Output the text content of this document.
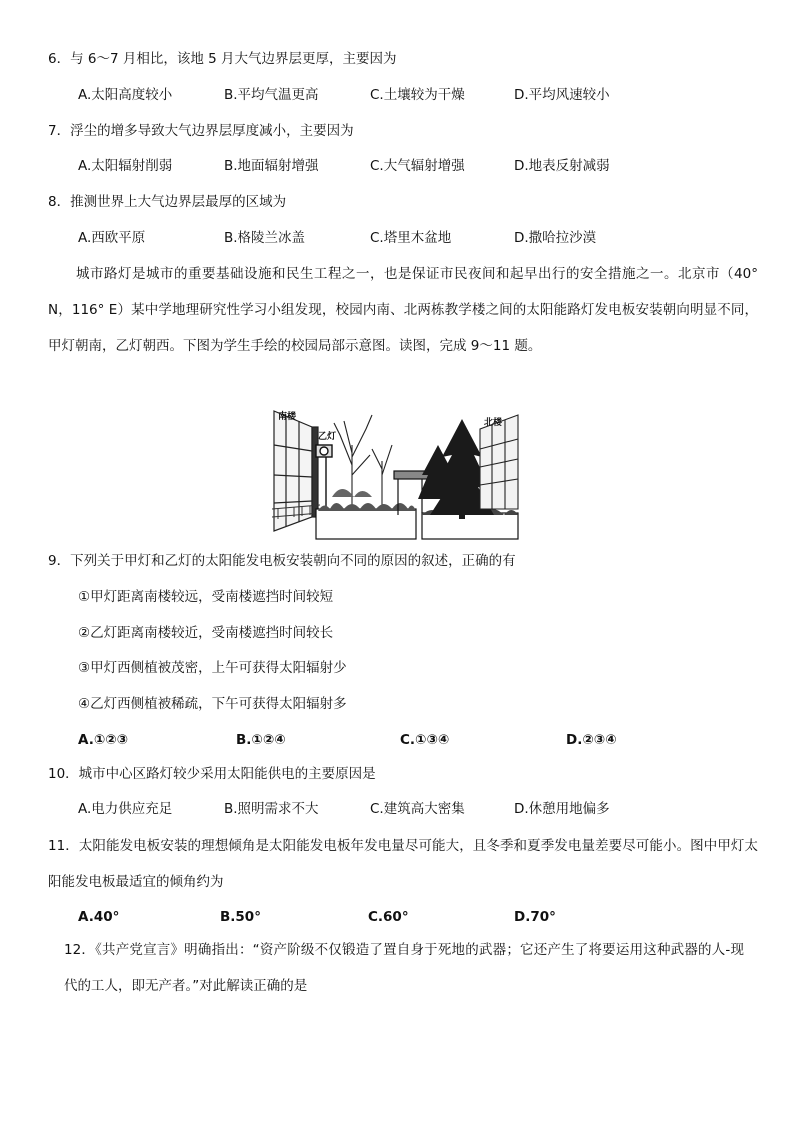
6．与 6～7 月相比，该地 5 月大气边界层更厚，主要因为
A.太阳高度较小	B.平均气温更高	C.土壤较为干燥	D.平均风速较小
7．浮尘的增多导致大气边界层厚度减小，主要因为
A.太阳辐射削弱	B.地面辐射增强	C.大气辐射增强	D.地表反射减弱
8．推测世界上大气边界层最厚的区域为
A.西欧平原	B.格陵兰冰盖	C.塔里木盆地	D.撒哈拉沙漠
城市路灯是城市的重要基础设施和民生工程之一，也是保证市民夜间和起早出行的安全措施之一。北京市（40° N，116° E）某中学地理研究性学习小组发现，校园内南、北两栋教学楼之间的太阳能路灯发电板安装朝向明显不同，甲灯朝南，乙灯朝西。下图为学生手绘的校园局部示意图。读图，完成 9～11 题。
南楼
乙灯
北楼
9．下列关于甲灯和乙灯的太阳能发电板安装朝向不同的原因的叙述，正确的有
①甲灯距离南楼较远，受南楼遮挡时间较短
②乙灯距离南楼较近，受南楼遮挡时间较长
③甲灯西侧植被茂密，上午可获得太阳辐射少
④乙灯西侧植被稀疏，下午可获得太阳辐射多
A.①②③	B.①②④	C.①③④	D.②③④
10．城市中心区路灯较少采用太阳能供电的主要原因是
A.电力供应充足	B.照明需求不大	C.建筑高大密集	D.休憩用地偏多
11．太阳能发电板安装的理想倾角是太阳能发电板年发电量尽可能大，且冬季和夏季发电量差要尽可能小。图中甲灯太阳能发电板最适宜的倾角约为
A.40°	B.50°	C.60°	D.70°
12．《共产党宣言》明确指出：“资产阶级不仅锻造了置自身于死地的武器；它还产生了将要运用这种武器的人-现代的工人，即无产者。”对此解读正确的是
